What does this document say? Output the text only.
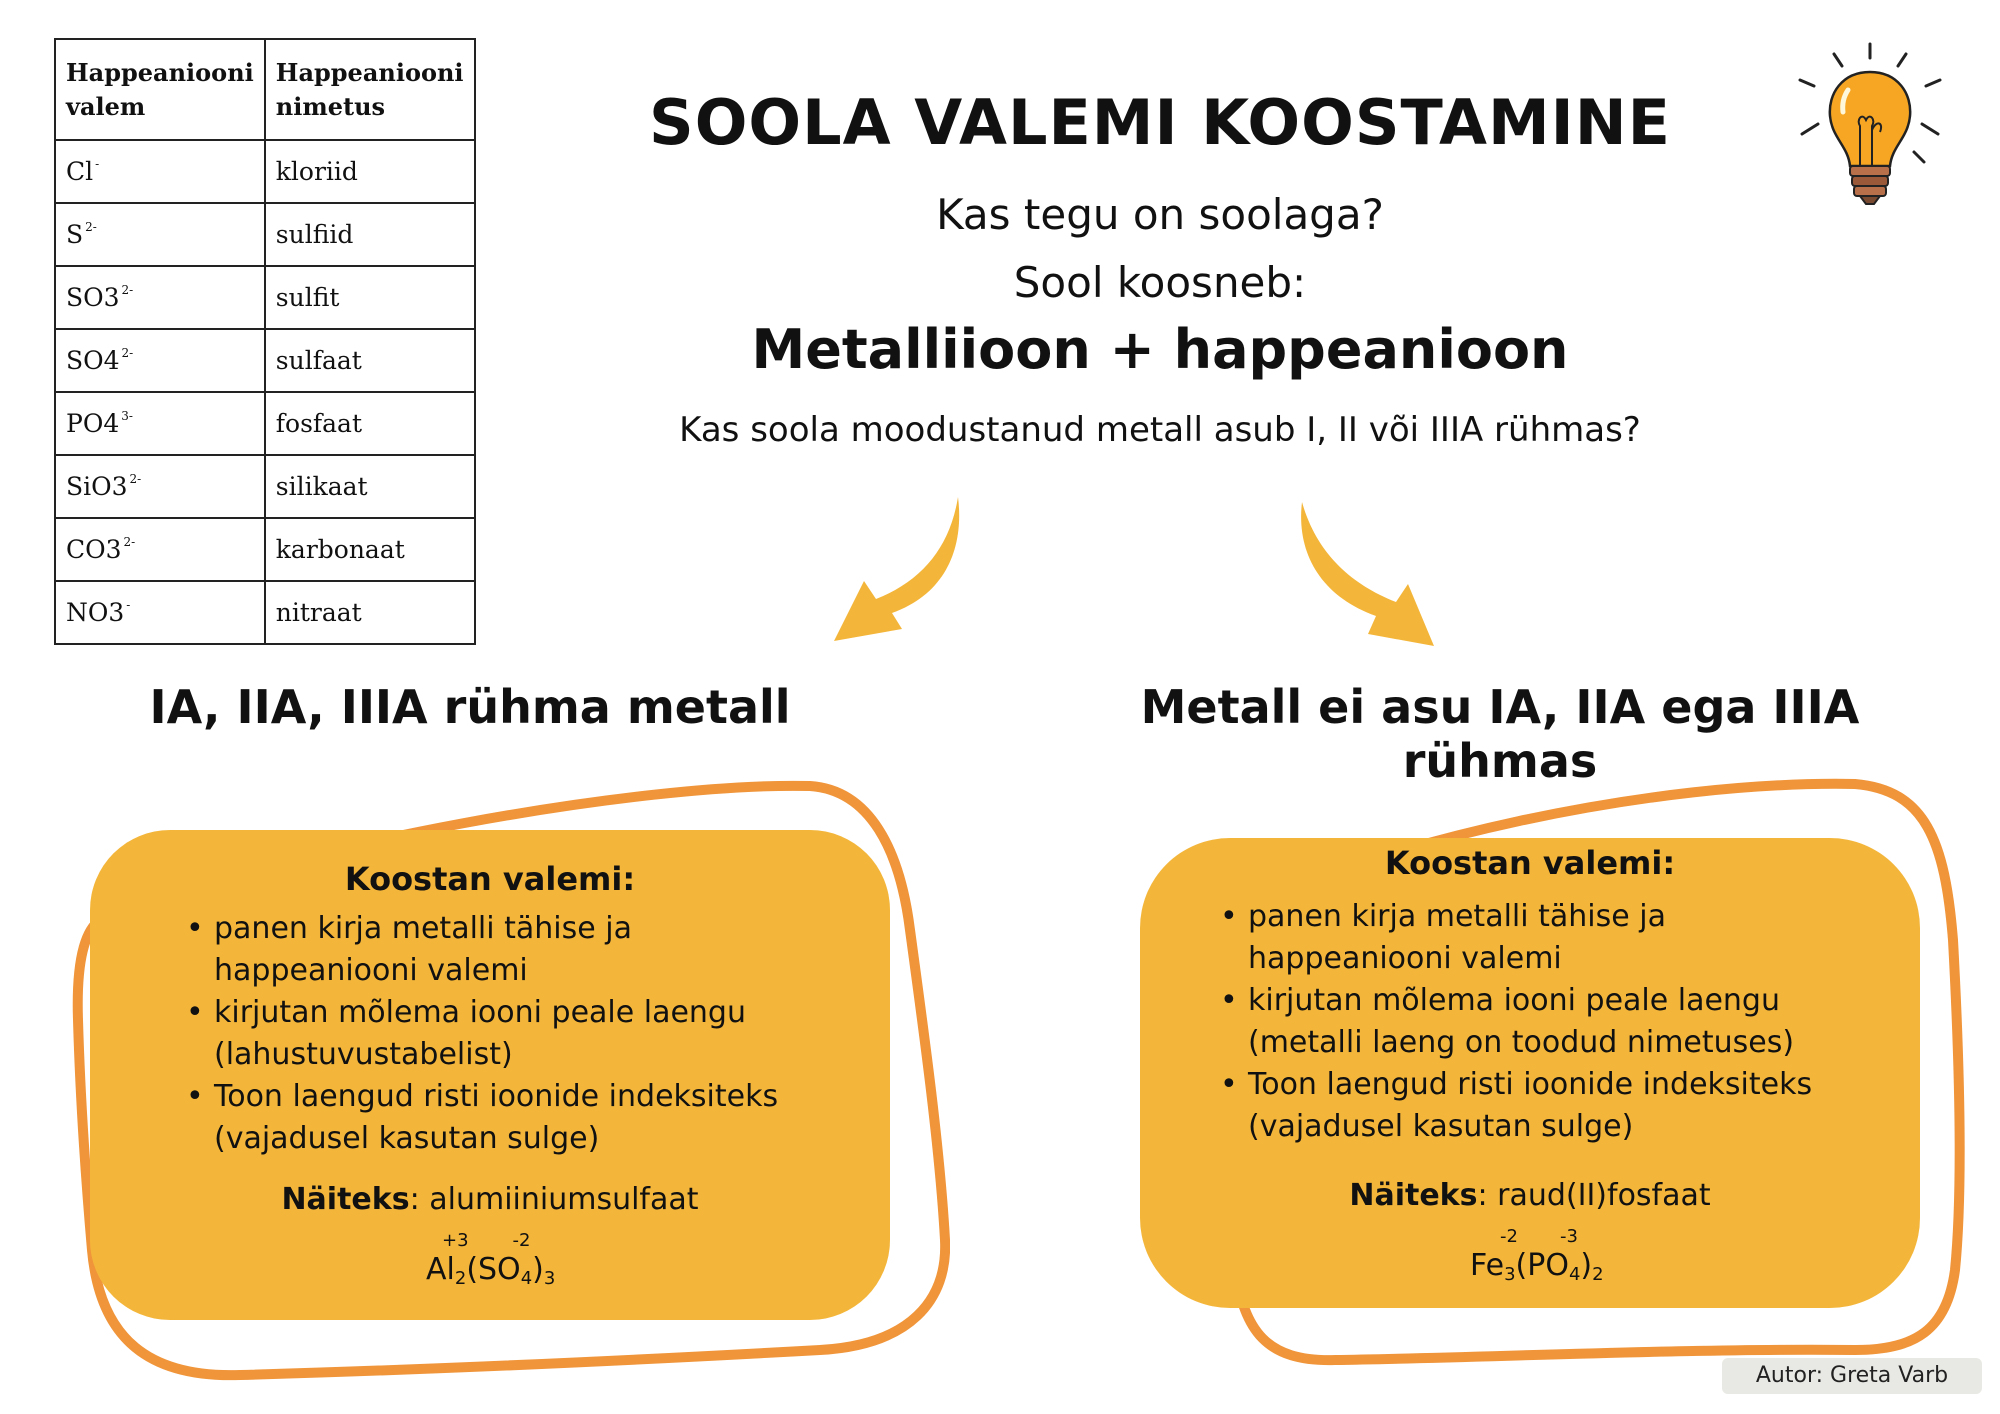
Happeaniooni
valem	Happeaniooni
nimetus
Cl -	kloriid
S $^{2-}$	sulfiid
SO3 $^{2-}$	sulfit
SO4 $^{2-}$	sulfaat
PO4 $^{3-}$	fosfaat
SiO3 $^{2-}$	silikaat
CO3 $^{2-}$	karbonaat
NO3 -	nitraat
SOOLA VALEMI KOOSTAMINE
Kas tegu on soolaga?
Sool koosneb:
Metalliioon + happeanioon
Kas soola moodustanud metall asub I, II või IIIA rühmas?
IA, IIA, IIIA rühma metall	Metall ei asu IA, IIA ega IIIA rühmas
Koostan valemi:
• panen kirja metalli tähise ja
happeaniooni valemi
• kirjutan mõlema iooni peale laengu
(lahustuvustabelist)
• Toon laengud risti ioonide indeksiteks
(vajadusel kasutan sulge)
Näiteks: alumiiniumsulfaat
+3 -2
$Al_2(SO_4)_3$
Koostan valemi:
• panen kirja metalli tähise ja
happeaniooni valemi
• kirjutan mõlema iooni peale laengu
(metalli laeng on toodud nimetuses)
• Toon laengud risti ioonide indeksiteks
(vajadusel kasutan sulge)
Näiteks: raud(II)fosfaat
-2 -3
$Fe_3(PO_4)_2$
Autor: Greta Varb
